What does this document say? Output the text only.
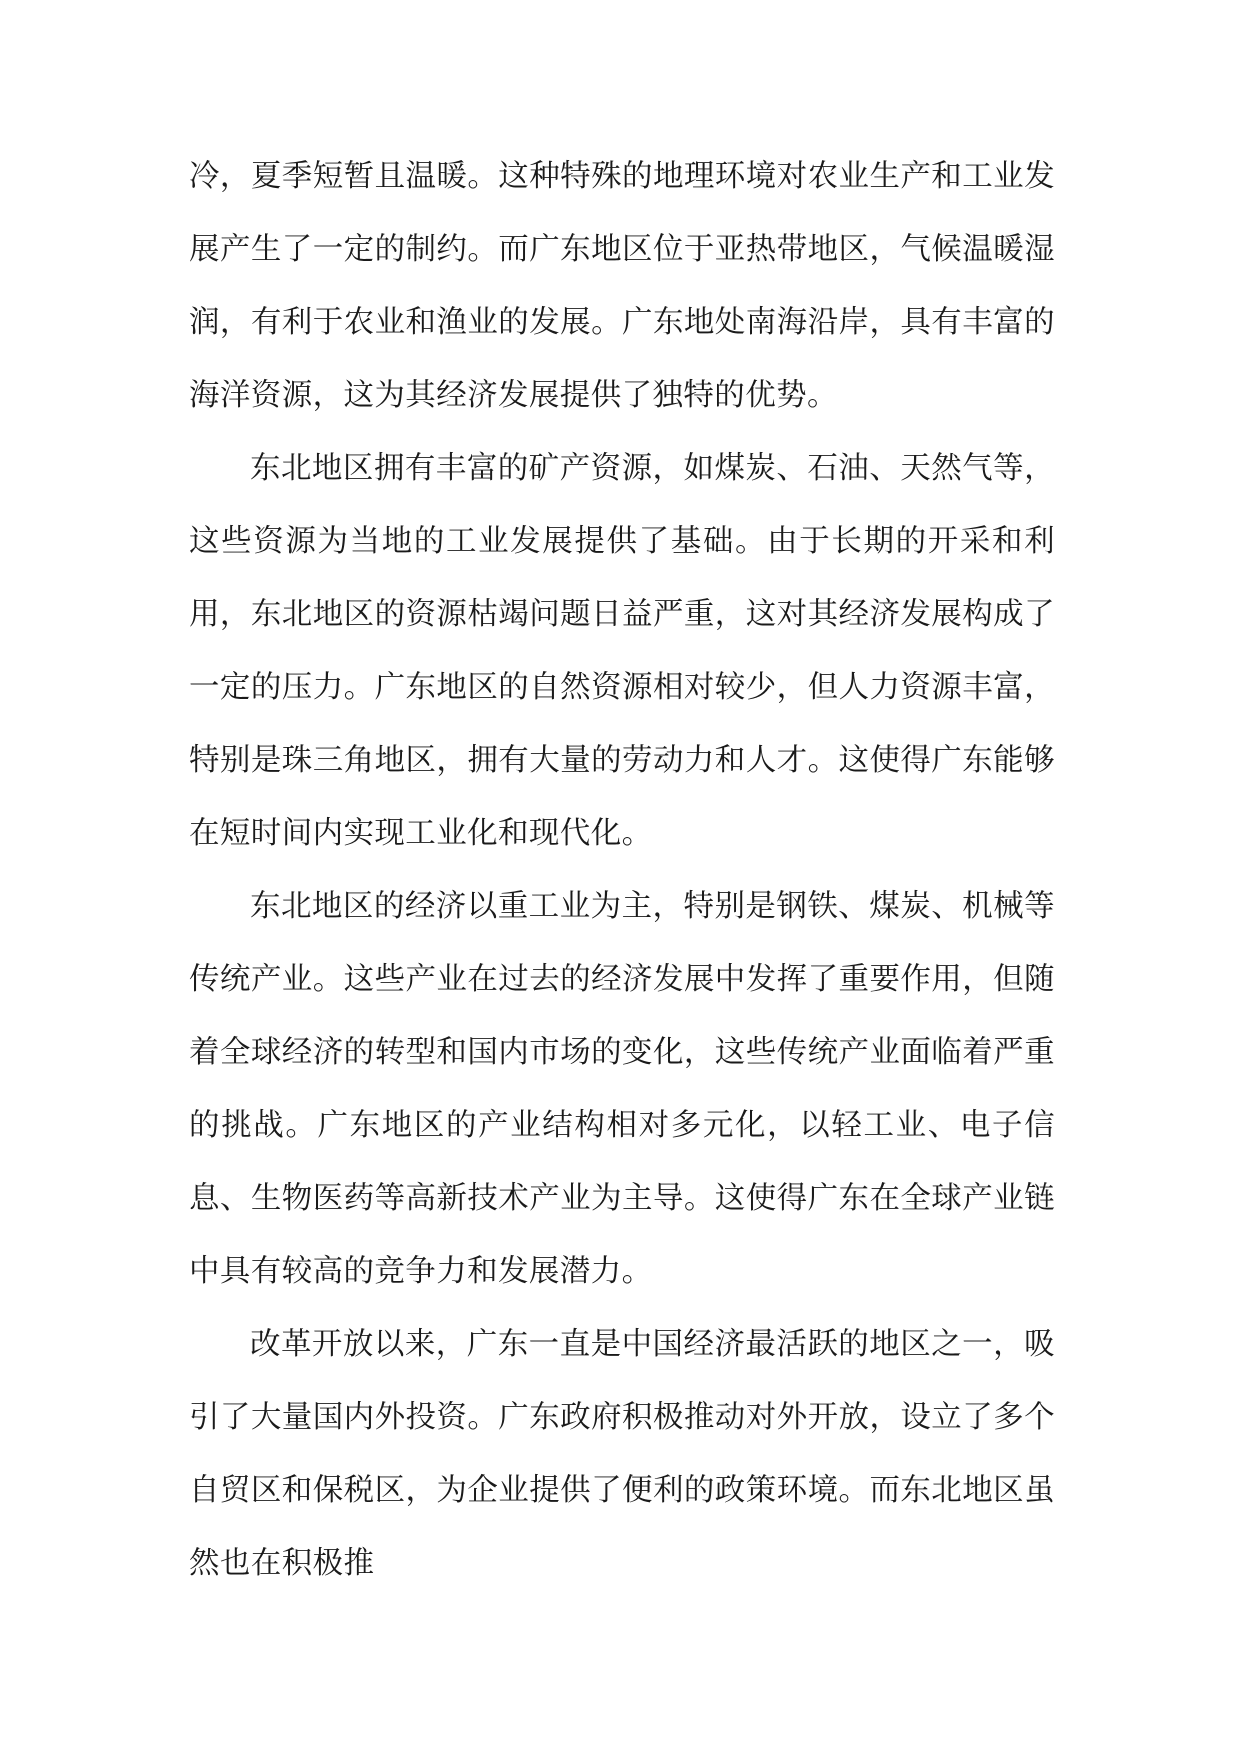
冷，夏季短暂且温暖。这种特殊的地理环境对农业生产和工业发展产生了一定的制约。而广东地区位于亚热带地区，气候温暖湿润，有利于农业和渔业的发展。广东地处南海沿岸，具有丰富的海洋资源，这为其经济发展提供了独特的优势。

东北地区拥有丰富的矿产资源，如煤炭、石油、天然气等，这些资源为当地的工业发展提供了基础。由于长期的开采和利用，东北地区的资源枯竭问题日益严重，这对其经济发展构成了一定的压力。广东地区的自然资源相对较少，但人力资源丰富，特别是珠三角地区，拥有大量的劳动力和人才。这使得广东能够在短时间内实现工业化和现代化。

东北地区的经济以重工业为主，特别是钢铁、煤炭、机械等传统产业。这些产业在过去的经济发展中发挥了重要作用，但随着全球经济的转型和国内市场的变化，这些传统产业面临着严重的挑战。广东地区的产业结构相对多元化，以轻工业、电子信息、生物医药等高新技术产业为主导。这使得广东在全球产业链中具有较高的竞争力和发展潜力。

改革开放以来，广东一直是中国经济最活跃的地区之一，吸引了大量国内外投资。广东政府积极推动对外开放，设立了多个自贸区和保税区，为企业提供了便利的政策环境。而东北地区虽然也在积极推
